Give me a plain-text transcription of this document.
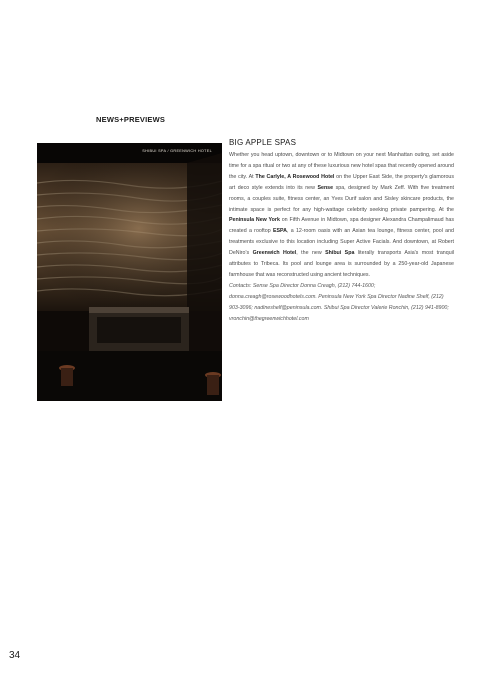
NEWS+PREVIEWS
SHIBUI SPA / GREENWICH HOTEL
BIG APPLE SPAS
Whether you head uptown, downtown or to Midtown on your next Manhattan outing, set aside time for a spa ritual or two at any of these luxurious new hotel spas that recently opened around the city. At The Carlyle, A Rosewood Hotel on the Upper East Side, the property's glamorous art deco style extends into its new Sense spa, designed by Mark Zeff. With five treatment rooms, a couples suite, fitness center, an Yves Durif salon and Sisley skincare products, the intimate space is perfect for any high-wattage celebrity seeking private pampering. At the Peninsula New York on Fifth Avenue in Midtown, spa designer Alexandra Champalimaud has created a rooftop ESPA, a 12-room oasis with an Asian tea lounge, fitness center, pool and treatments exclusive to this location including Super Active Facials. And downtown, at Robert DeNiro's Greenwich Hotel, the new Shibui Spa literally transports Asia's most tranquil attributes to Tribeca. Its pool and lounge area is surrounded by a 250-year-old Japanese farmhouse that was reconstructed using ancient techniques.
Contacts: Sense Spa Director Donna Creagh, (212) 744-1600; donna.creagh@rosewoodhotels.com. Peninsula New York Spa Director Nadine Shelf, (212) 903-3096; nadineshelf@peninsula.com. Shibui Spa Director Valerie Ronchin, (212) 941-8900; vronchin@thegreenwichhotel.com
34
